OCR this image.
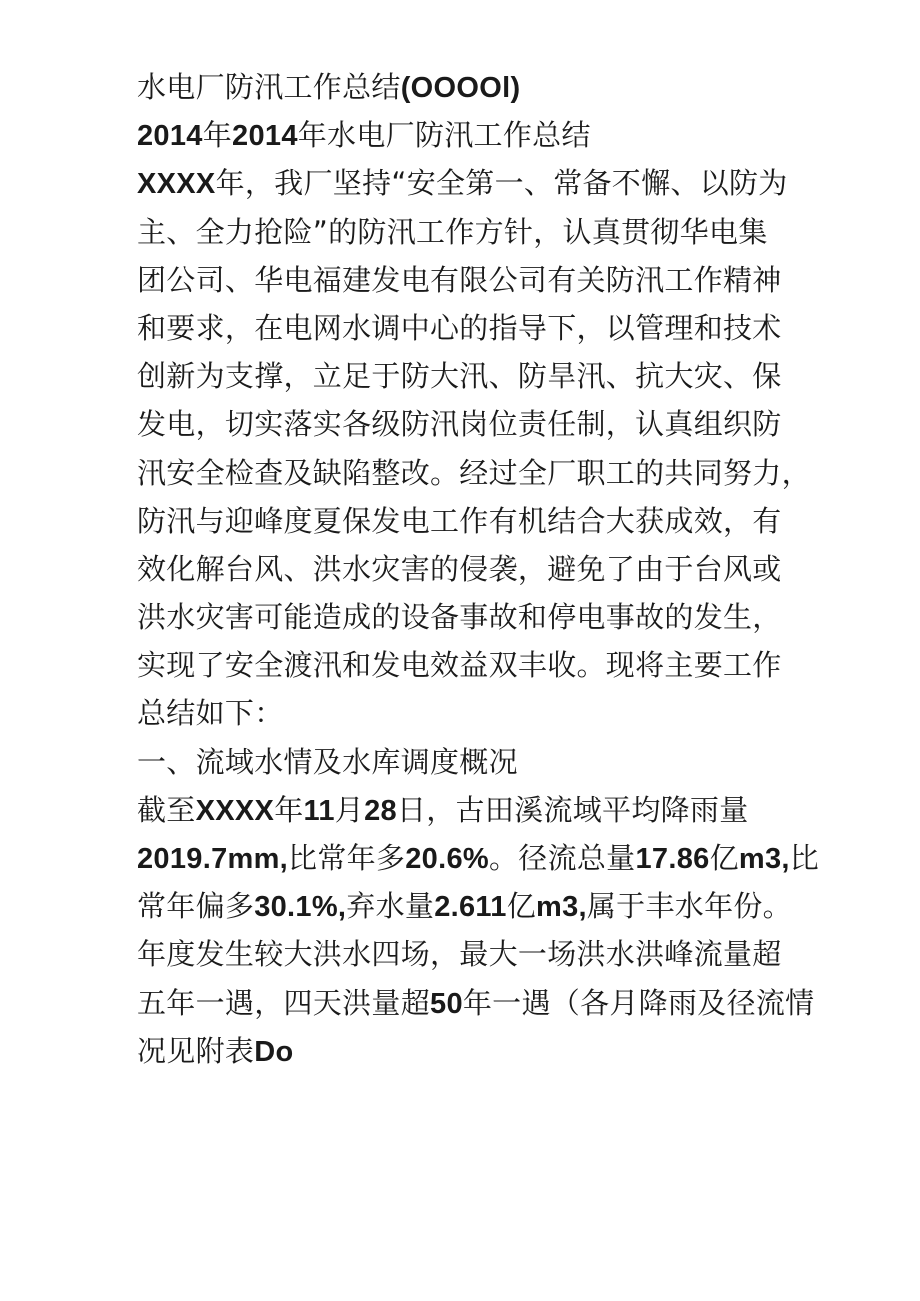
水电厂防汛工作总结(OOOOl)
2014年2014年水电厂防汛工作总结
XXXX年，我厂坚持“安全第一、常备不懈、以防为
主、全力抢险”的防汛工作方针，认真贯彻华电集
团公司、华电福建发电有限公司有关防汛工作精神
和要求，在电网水调中心的指导下，以管理和技术
创新为支撑，立足于防大汛、防旱汛、抗大灾、保
发电，切实落实各级防汛岗位责任制，认真组织防
汛安全检查及缺陷整改。经过全厂职工的共同努力，
防汛与迎峰度夏保发电工作有机结合大获成效，有
效化解台风、洪水灾害的侵袭，避免了由于台风或
洪水灾害可能造成的设备事故和停电事故的发生，
实现了安全渡汛和发电效益双丰收。现将主要工作
总结如下：
一、流域水情及水库调度概况
截至XXXX年11月28日，古田溪流域平均降雨量
2019.7mm,比常年多20.6%。径流总量17.86亿m3,比
常年偏多30.1%,弃水量2.611亿m3,属于丰水年份。
年度发生较大洪水四场，最大一场洪水洪峰流量超
五年一遇，四天洪量超50年一遇（各月降雨及径流情
况见附表Do
